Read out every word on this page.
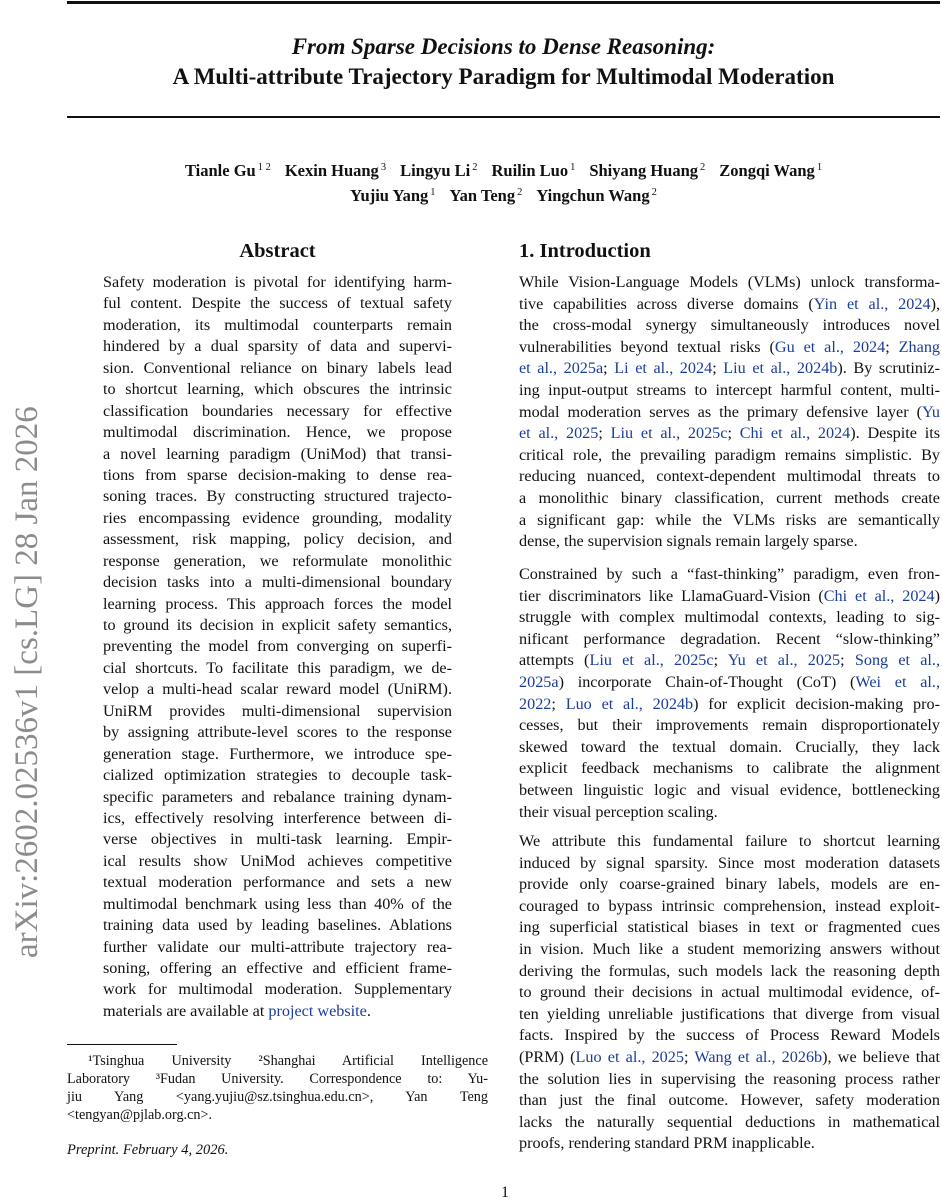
From Sparse Decisions to Dense Reasoning:
A Multi-attribute Trajectory Paradigm for Multimodal Moderation
Tianle Gu $^{1 2}$ Kexin Huang $^3$ Lingyu Li $^2$ Ruilin Luo $^1$ Shiyang Huang $^2$ Zongqi Wang $^1$
Yujiu Yang $^1$ Yan Teng $^2$ Yingchun Wang $^2$
arXiv:2602.02536v1 [cs.LG] 28 Jan 2026
Abstract
Safety moderation is pivotal for identifying harm-
ful content. Despite the success of textual safety
moderation, its multimodal counterparts remain
hindered by a dual sparsity of data and supervi-
sion. Conventional reliance on binary labels lead
to shortcut learning, which obscures the intrinsic
classification boundaries necessary for effective
multimodal discrimination. Hence, we propose
a novel learning paradigm (UniMod) that transi-
tions from sparse decision-making to dense rea-
soning traces. By constructing structured trajecto-
ries encompassing evidence grounding, modality
assessment, risk mapping, policy decision, and
response generation, we reformulate monolithic
decision tasks into a multi-dimensional boundary
learning process. This approach forces the model
to ground its decision in explicit safety semantics,
preventing the model from converging on superfi-
cial shortcuts. To facilitate this paradigm, we de-
velop a multi-head scalar reward model (UniRM).
UniRM provides multi-dimensional supervision
by assigning attribute-level scores to the response
generation stage. Furthermore, we introduce spe-
cialized optimization strategies to decouple task-
specific parameters and rebalance training dynam-
ics, effectively resolving interference between di-
verse objectives in multi-task learning. Empir-
ical results show UniMod achieves competitive
textual moderation performance and sets a new
multimodal benchmark using less than 40% of the
training data used by leading baselines. Ablations
further validate our multi-attribute trajectory rea-
soning, offering an effective and efficient frame-
work for multimodal moderation. Supplementary
materials are available at project website.
1. Introduction
While Vision-Language Models (VLMs) unlock transforma-
tive capabilities across diverse domains (Yin et al., 2024),
the cross-modal synergy simultaneously introduces novel
vulnerabilities beyond textual risks (Gu et al., 2024; Zhang
et al., 2025a; Li et al., 2024; Liu et al., 2024b). By scrutiniz-
ing input-output streams to intercept harmful content, multi-
modal moderation serves as the primary defensive layer (Yu
et al., 2025; Liu et al., 2025c; Chi et al., 2024). Despite its
critical role, the prevailing paradigm remains simplistic. By
reducing nuanced, context-dependent multimodal threats to
a monolithic binary classification, current methods create
a significant gap: while the VLMs risks are semantically
dense, the supervision signals remain largely sparse.
Constrained by such a “fast-thinking” paradigm, even fron-
tier discriminators like LlamaGuard-Vision (Chi et al., 2024)
struggle with complex multimodal contexts, leading to sig-
nificant performance degradation. Recent “slow-thinking”
attempts (Liu et al., 2025c; Yu et al., 2025; Song et al.,
2025a) incorporate Chain-of-Thought (CoT) (Wei et al.,
2022; Luo et al., 2024b) for explicit decision-making pro-
cesses, but their improvements remain disproportionately
skewed toward the textual domain. Crucially, they lack
explicit feedback mechanisms to calibrate the alignment
between linguistic logic and visual evidence, bottlenecking
their visual perception scaling.
We attribute this fundamental failure to shortcut learning
induced by signal sparsity. Since most moderation datasets
provide only coarse-grained binary labels, models are en-
couraged to bypass intrinsic comprehension, instead exploit-
ing superficial statistical biases in text or fragmented cues
in vision. Much like a student memorizing answers without
deriving the formulas, such models lack the reasoning depth
to ground their decisions in actual multimodal evidence, of-
ten yielding unreliable justifications that diverge from visual
facts. Inspired by the success of Process Reward Models
(PRM) (Luo et al., 2025; Wang et al., 2026b), we believe that
the solution lies in supervising the reasoning process rather
than just the final outcome. However, safety moderation
lacks the naturally sequential deductions in mathematical
proofs, rendering standard PRM inapplicable.
  ¹Tsinghua University ²Shanghai Artificial Intelligence
Laboratory ³Fudan University. Correspondence to: Yu-
jiu Yang <yang.yujiu@sz.tsinghua.edu.cn>, Yan Teng
<tengyan@pjlab.org.cn>.
Preprint. February 4, 2026.
1
